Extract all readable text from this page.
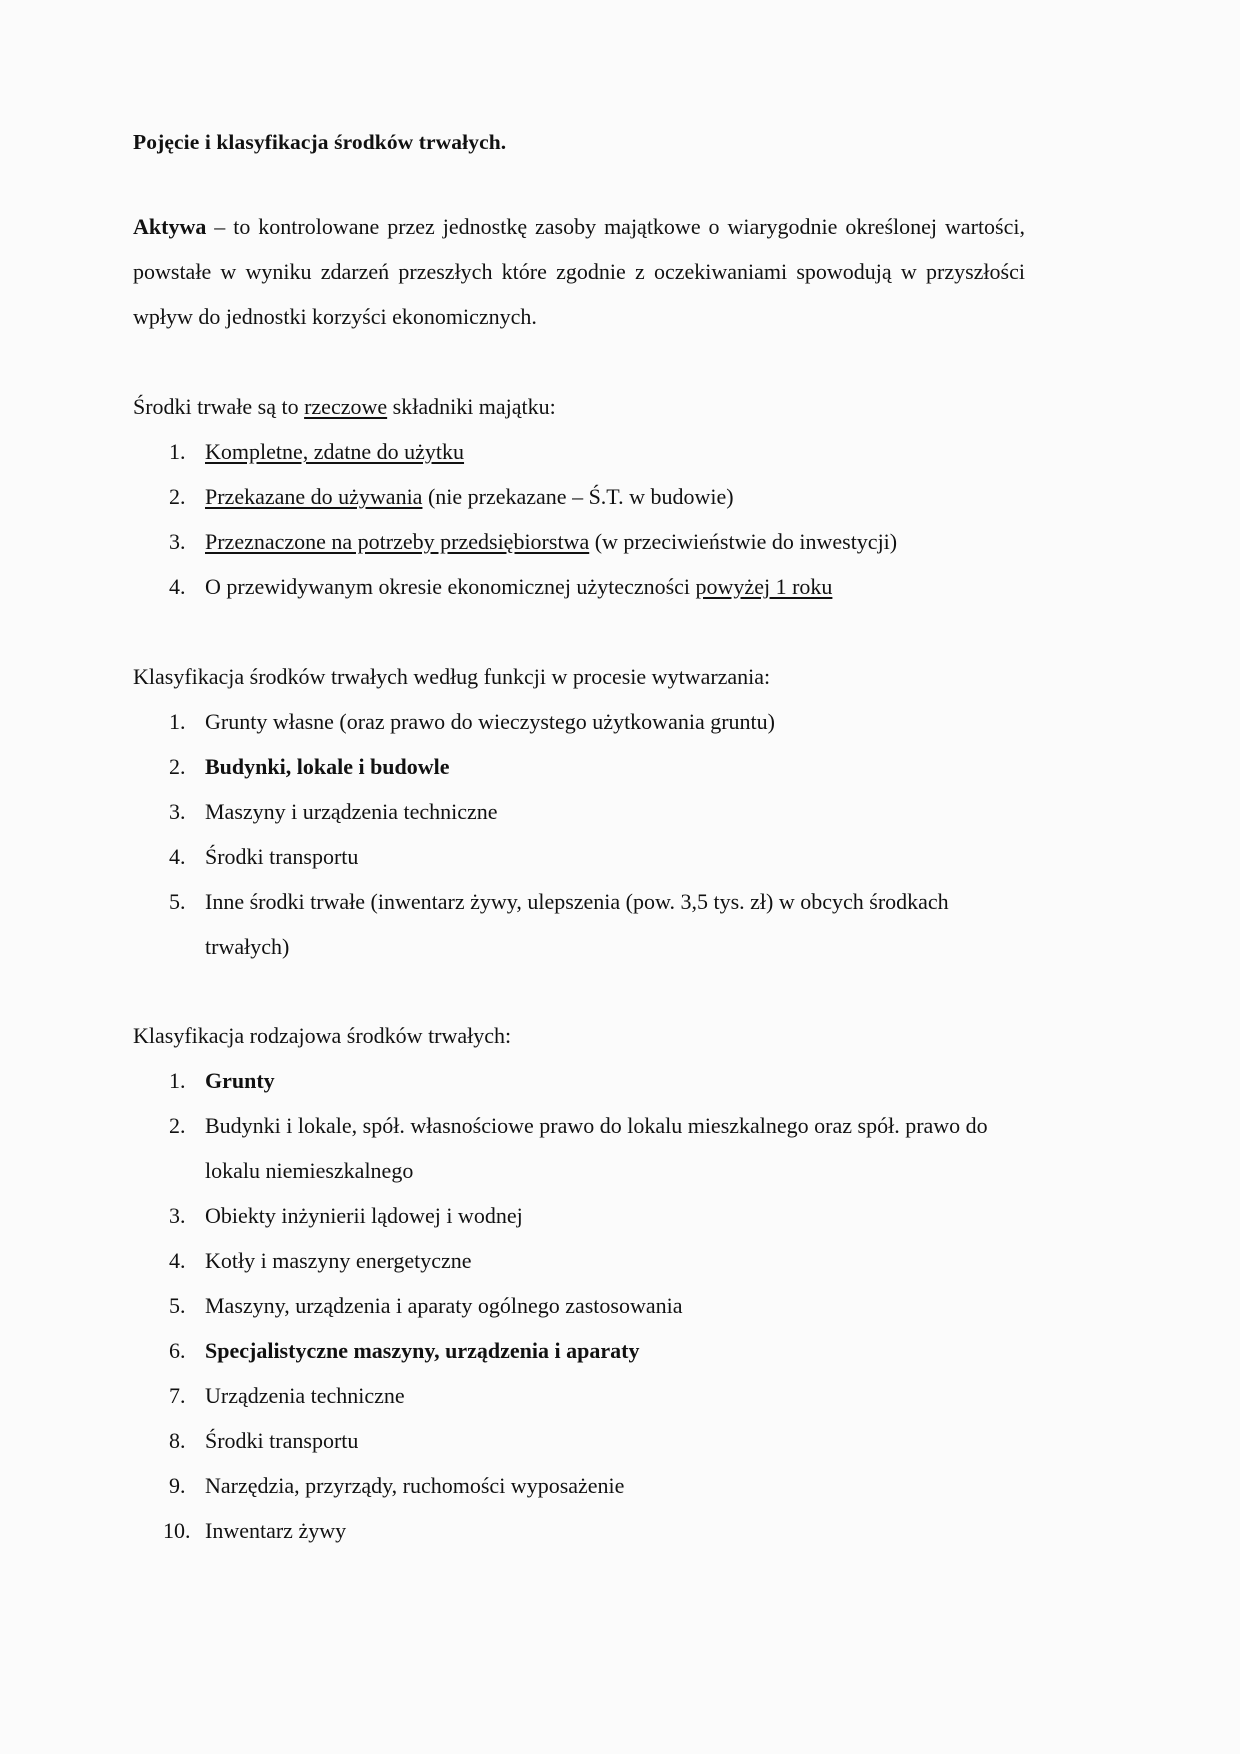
Pojęcie i klasyfikacja środków trwałych.

Aktywa – to kontrolowane przez jednostkę zasoby majątkowe o wiarygodnie określonej wartości, powstałe w wyniku zdarzeń przeszłych które zgodnie z oczekiwaniami spowodują w przyszłości wpływ do jednostki korzyści ekonomicznych.

Środki trwałe są to rzeczowe składniki majątku:

1. Kompletne, zdatne do użytku
2. Przekazane do używania (nie przekazane – Ś.T. w budowie)
3. Przeznaczone na potrzeby przedsiębiorstwa (w przeciwieństwie do inwestycji)
4. O przewidywanym okresie ekonomicznej użyteczności powyżej 1 roku

Klasyfikacja środków trwałych według funkcji w procesie wytwarzania:

1. Grunty własne (oraz prawo do wieczystego użytkowania gruntu)
2. Budynki, lokale i budowle
3. Maszyny i urządzenia techniczne
4. Środki transportu
5. Inne środki trwałe (inwentarz żywy, ulepszenia (pow. 3,5 tys. zł) w obcych środkach trwałych)

Klasyfikacja rodzajowa środków trwałych:

1. Grunty
2. Budynki i lokale, spół. własnościowe prawo do lokalu mieszkalnego oraz spół. prawo do lokalu niemieszkalnego
3. Obiekty inżynierii lądowej i wodnej
4. Kotły i maszyny energetyczne
5. Maszyny, urządzenia i aparaty ogólnego zastosowania
6. Specjalistyczne maszyny, urządzenia i aparaty
7. Urządzenia techniczne
8. Środki transportu
9. Narzędzia, przyrządy, ruchomości wyposażenie
10. Inwentarz żywy
